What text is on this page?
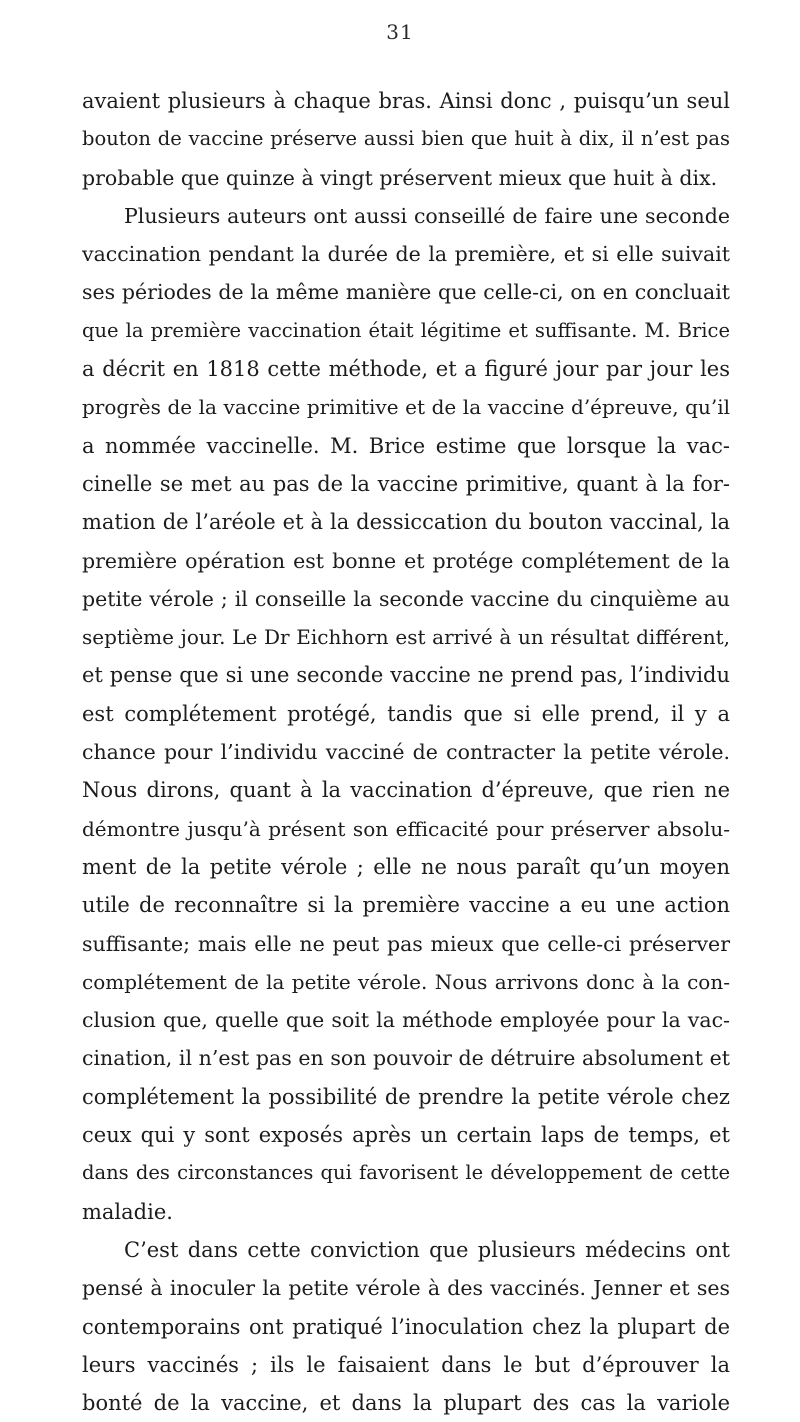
31
avaient plusieurs à chaque bras. Ainsi donc , puisqu’un seul
bouton de vaccine préserve aussi bien que huit à dix, il n’est pas
probable que quinze à vingt préservent mieux que huit à dix.
Plusieurs auteurs ont aussi conseillé de faire une seconde
vaccination pendant la durée de la première, et si elle suivait
ses périodes de la même manière que celle-ci, on en concluait
que la première vaccination était légitime et suffisante. M. Brice
a décrit en 1818 cette méthode, et a figuré jour par jour les
progrès de la vaccine primitive et de la vaccine d’épreuve, qu’il
a nommée vaccinelle. M. Brice estime que lorsque la vac-
cinelle se met au pas de la vaccine primitive, quant à la for-
mation de l’aréole et à la dessiccation du bouton vaccinal, la
première opération est bonne et protége complétement de la
petite vérole ; il conseille la seconde vaccine du cinquième au
septième jour. Le Dr Eichhorn est arrivé à un résultat différent,
et pense que si une seconde vaccine ne prend pas, l’individu
est complétement protégé, tandis que si elle prend, il y a
chance pour l’individu vacciné de contracter la petite vérole.
Nous dirons, quant à la vaccination d’épreuve, que rien ne
démontre jusqu’à présent son efficacité pour préserver absolu-
ment de la petite vérole ; elle ne nous paraît qu’un moyen
utile de reconnaître si la première vaccine a eu une action
suffisante; mais elle ne peut pas mieux que celle-ci préserver
complétement de la petite vérole. Nous arrivons donc à la con-
clusion que, quelle que soit la méthode employée pour la vac-
cination, il n’est pas en son pouvoir de détruire absolument et
complétement la possibilité de prendre la petite vérole chez
ceux qui y sont exposés après un certain laps de temps, et
dans des circonstances qui favorisent le développement de cette
maladie.
C’est dans cette conviction que plusieurs médecins ont
pensé à inoculer la petite vérole à des vaccinés. Jenner et ses
contemporains ont pratiqué l’inoculation chez la plupart de
leurs vaccinés ; ils le faisaient dans le but d’éprouver la
bonté de la vaccine, et dans la plupart des cas la variole
